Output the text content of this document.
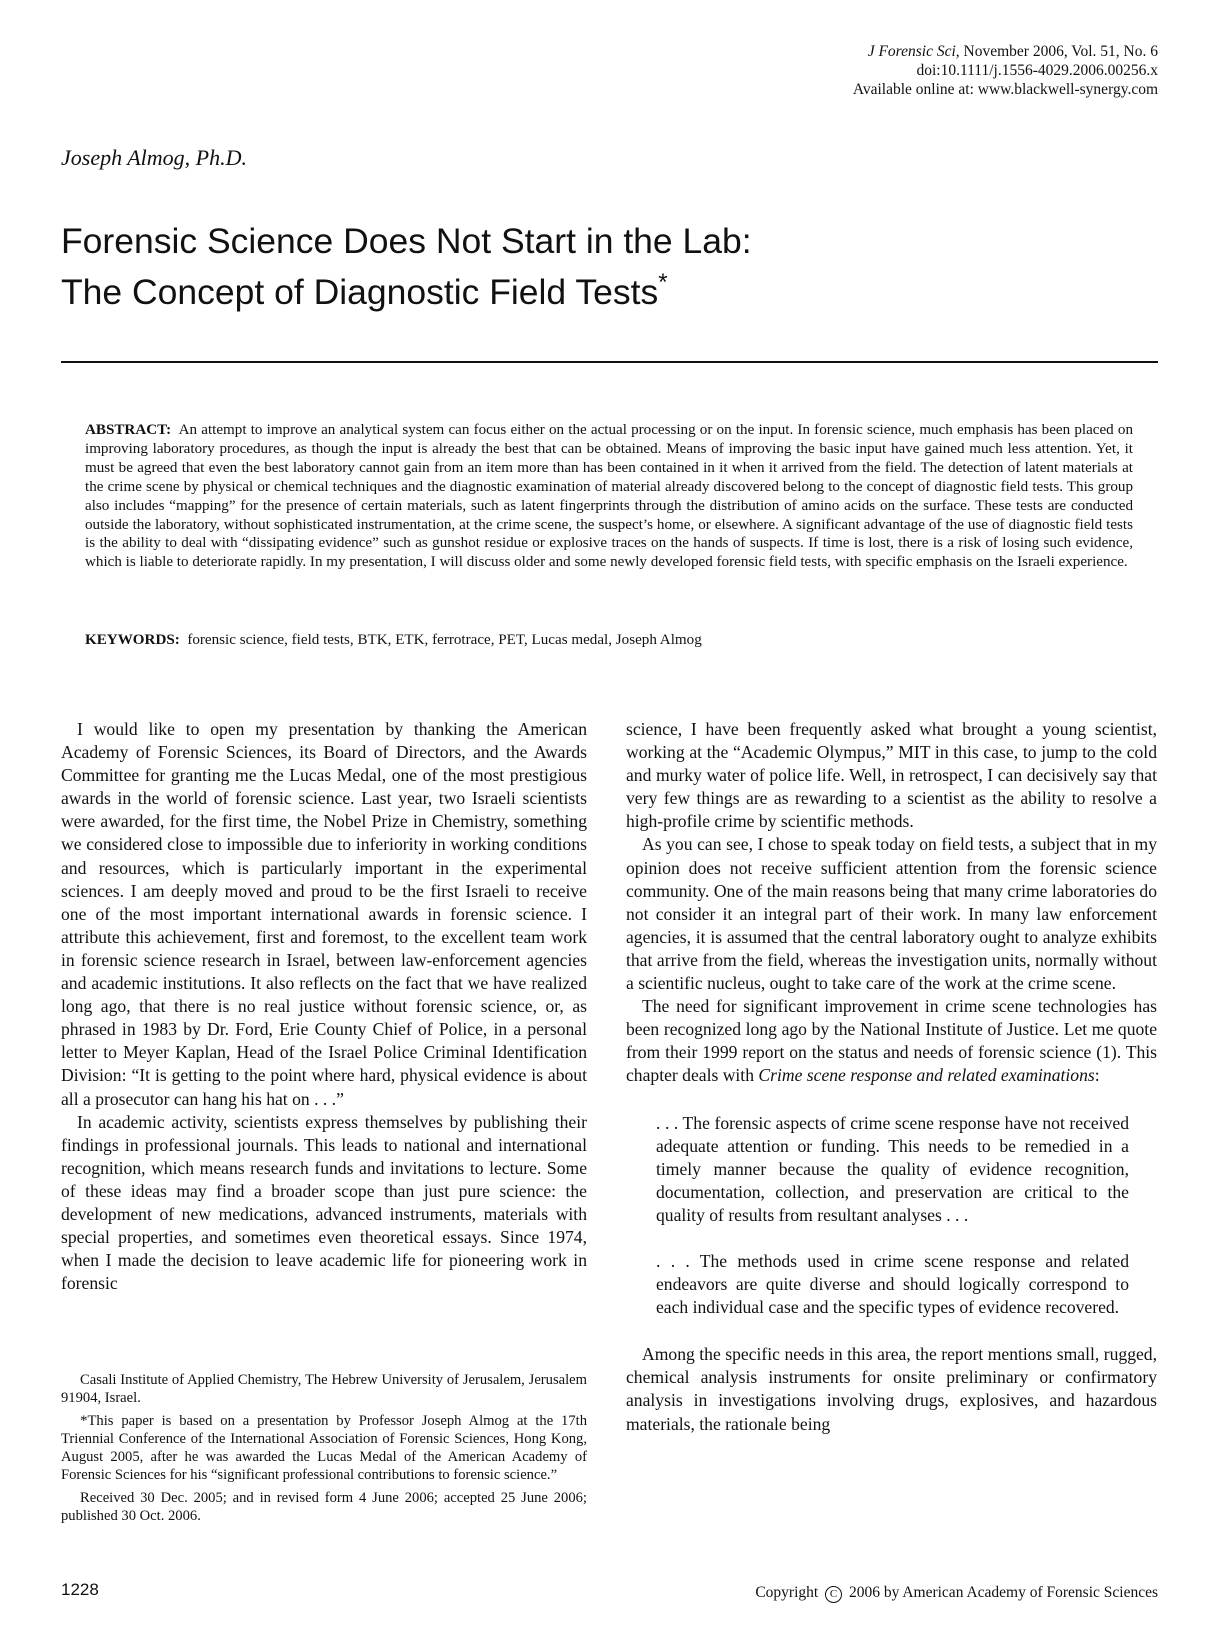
J Forensic Sci, November 2006, Vol. 51, No. 6
doi:10.1111/j.1556-4029.2006.00256.x
Available online at: www.blackwell-synergy.com
Joseph Almog, Ph.D.
Forensic Science Does Not Start in the Lab:
The Concept of Diagnostic Field Tests*

ABSTRACT: An attempt to improve an analytical system can focus either on the actual processing or on the input. In forensic science, much emphasis has been placed on improving laboratory procedures, as though the input is already the best that can be obtained. Means of improving the basic input have gained much less attention. Yet, it must be agreed that even the best laboratory cannot gain from an item more than has been contained in it when it arrived from the field. The detection of latent materials at the crime scene by physical or chemical techniques and the diagnostic examination of material already discovered belong to the concept of diagnostic field tests. This group also includes “mapping” for the presence of certain materials, such as latent fingerprints through the distribution of amino acids on the surface. These tests are conducted outside the laboratory, without sophisticated instrumentation, at the crime scene, the suspect’s home, or elsewhere. A significant advantage of the use of diagnostic field tests is the ability to deal with “dissipating evidence” such as gunshot residue or explosive traces on the hands of suspects. If time is lost, there is a risk of losing such evidence, which is liable to deteriorate rapidly. In my presentation, I will discuss older and some newly developed forensic field tests, with specific emphasis on the Israeli experience.

KEYWORDS: forensic science, field tests, BTK, ETK, ferrotrace, PET, Lucas medal, Joseph Almog

I would like to open my presentation by thanking the American Academy of Forensic Sciences, its Board of Directors, and the Awards Committee for granting me the Lucas Medal, one of the most prestigious awards in the world of forensic science. Last year, two Israeli scientists were awarded, for the first time, the Nobel Prize in Chemistry, something we considered close to impossible due to inferiority in working conditions and resources, which is particularly important in the experimental sciences. I am deeply moved and proud to be the first Israeli to receive one of the most important international awards in forensic science. I attribute this achievement, first and foremost, to the excellent team work in forensic science research in Israel, between law-enforcement agencies and academic institutions. It also reflects on the fact that we have realized long ago, that there is no real justice without forensic science, or, as phrased in 1983 by Dr. Ford, Erie County Chief of Police, in a personal letter to Meyer Kaplan, Head of the Israel Police Criminal Identification Division: “It is getting to the point where hard, physical evidence is about all a prosecutor can hang his hat on . . .”

In academic activity, scientists express themselves by publishing their findings in professional journals. This leads to national and international recognition, which means research funds and invitations to lecture. Some of these ideas may find a broader scope than just pure science: the development of new medications, advanced instruments, materials with special properties, and sometimes even theoretical essays. Since 1974, when I made the decision to leave academic life for pioneering work in forensic

Casali Institute of Applied Chemistry, The Hebrew University of Jerusalem, Jerusalem 91904, Israel.

*This paper is based on a presentation by Professor Joseph Almog at the 17th Triennial Conference of the International Association of Forensic Sciences, Hong Kong, August 2005, after he was awarded the Lucas Medal of the American Academy of Forensic Sciences for his “significant professional contributions to forensic science.”

Received 30 Dec. 2005; and in revised form 4 June 2006; accepted 25 June 2006; published 30 Oct. 2006.

science, I have been frequently asked what brought a young scientist, working at the “Academic Olympus,” MIT in this case, to jump to the cold and murky water of police life. Well, in retrospect, I can decisively say that very few things are as rewarding to a scientist as the ability to resolve a high-profile crime by scientific methods.

As you can see, I chose to speak today on field tests, a subject that in my opinion does not receive sufficient attention from the forensic science community. One of the main reasons being that many crime laboratories do not consider it an integral part of their work. In many law enforcement agencies, it is assumed that the central laboratory ought to analyze exhibits that arrive from the field, whereas the investigation units, normally without a scientific nucleus, ought to take care of the work at the crime scene.

The need for significant improvement in crime scene technologies has been recognized long ago by the National Institute of Justice. Let me quote from their 1999 report on the status and needs of forensic science (1). This chapter deals with Crime scene response and related examinations:

. . . The forensic aspects of crime scene response have not received adequate attention or funding. This needs to be remedied in a timely manner because the quality of evidence recognition, documentation, collection, and preservation are critical to the quality of results from resultant analyses . . .

. . . The methods used in crime scene response and related endeavors are quite diverse and should logically correspond to each individual case and the specific types of evidence recovered.

Among the specific needs in this area, the report mentions small, rugged, chemical analysis instruments for onsite preliminary or confirmatory analysis in investigations involving drugs, explosives, and hazardous materials, the rationale being

1228	Copyright C 2006 by American Academy of Forensic Sciences
